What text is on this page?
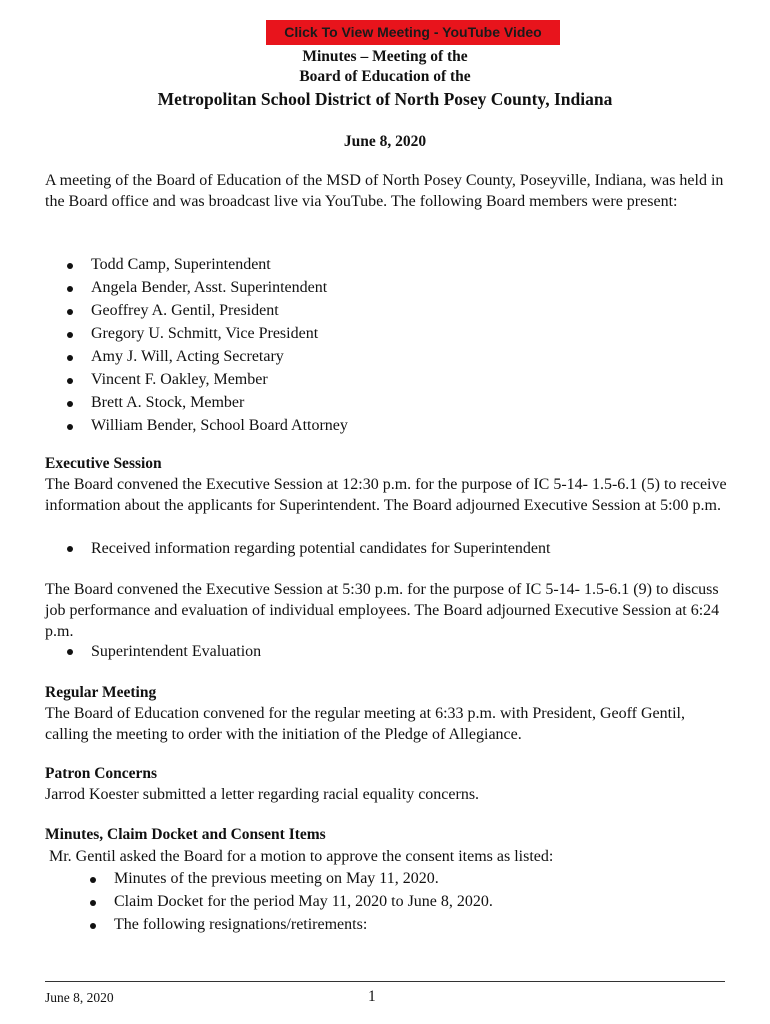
Click To View Meeting - YouTube Video
Minutes – Meeting of the
Board of Education of the
Metropolitan School District of North Posey County, Indiana
June 8, 2020

A meeting of the Board of Education of the MSD of North Posey County, Poseyville, Indiana, was held in the Board office and was broadcast live via YouTube. The following Board members were present:

Todd Camp, Superintendent
Angela Bender, Asst. Superintendent
Geoffrey A. Gentil, President
Gregory U. Schmitt, Vice President
Amy J. Will, Acting Secretary
Vincent F. Oakley, Member
Brett A. Stock, Member
William Bender, School Board Attorney
Executive Session

The Board convened the Executive Session at 12:30 p.m. for the purpose of IC 5-14- 1.5-6.1 (5) to receive information about the applicants for Superintendent. The Board adjourned Executive Session at 5:00 p.m.

Received information regarding potential candidates for Superintendent

The Board convened the Executive Session at 5:30 p.m. for the purpose of IC 5-14- 1.5-6.1 (9) to discuss job performance and evaluation of individual employees. The Board adjourned Executive Session at 6:24 p.m.

Superintendent Evaluation
Regular Meeting

The Board of Education convened for the regular meeting at 6:33 p.m. with President, Geoff Gentil, calling the meeting to order with the initiation of the Pledge of Allegiance.

Patron Concerns

Jarrod Koester submitted a letter regarding racial equality concerns.

Minutes, Claim Docket and Consent Items

Mr. Gentil asked the Board for a motion to approve the consent items as listed:

Minutes of the previous meeting on May 11, 2020.
Claim Docket for the period May 11, 2020 to June 8, 2020.
The following resignations/retirements:
June 8, 2020	1
